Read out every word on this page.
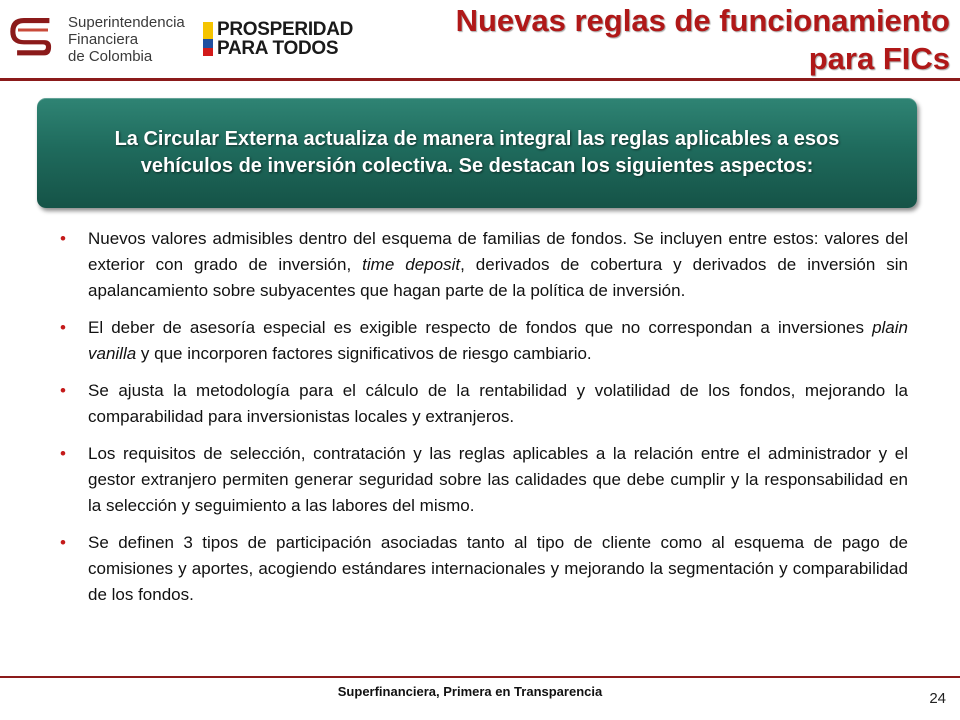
Superintendencia
Financiera
de Colombia
PROSPERIDAD
PARA TODOS
Nuevas reglas de funcionamiento para FICs
La Circular Externa actualiza de manera integral las reglas aplicables a esos vehículos de inversión colectiva. Se destacan los siguientes aspectos:
• Nuevos valores admisibles dentro del esquema de familias de fondos. Se incluyen entre estos: valores del exterior con grado de inversión, time deposit, derivados de cobertura y derivados de inversión sin apalancamiento sobre subyacentes que hagan parte de la política de inversión.
• El deber de asesoría especial es exigible respecto de fondos que no correspondan a inversiones plain vanilla y que incorporen factores significativos de riesgo cambiario.
• Se ajusta la metodología para el cálculo de la rentabilidad y volatilidad de los fondos, mejorando la comparabilidad para inversionistas locales y extranjeros.
• Los requisitos de selección, contratación y las reglas aplicables a la relación entre el administrador y el gestor extranjero permiten generar seguridad sobre las calidades que debe cumplir y la responsabilidad en la selección y seguimiento a las labores del mismo.
• Se definen 3 tipos de participación asociadas tanto al tipo de cliente como al esquema de pago de comisiones y aportes, acogiendo estándares internacionales y mejorando la segmentación y comparabilidad de los fondos.
Superfinanciera, Primera en Transparencia	24
